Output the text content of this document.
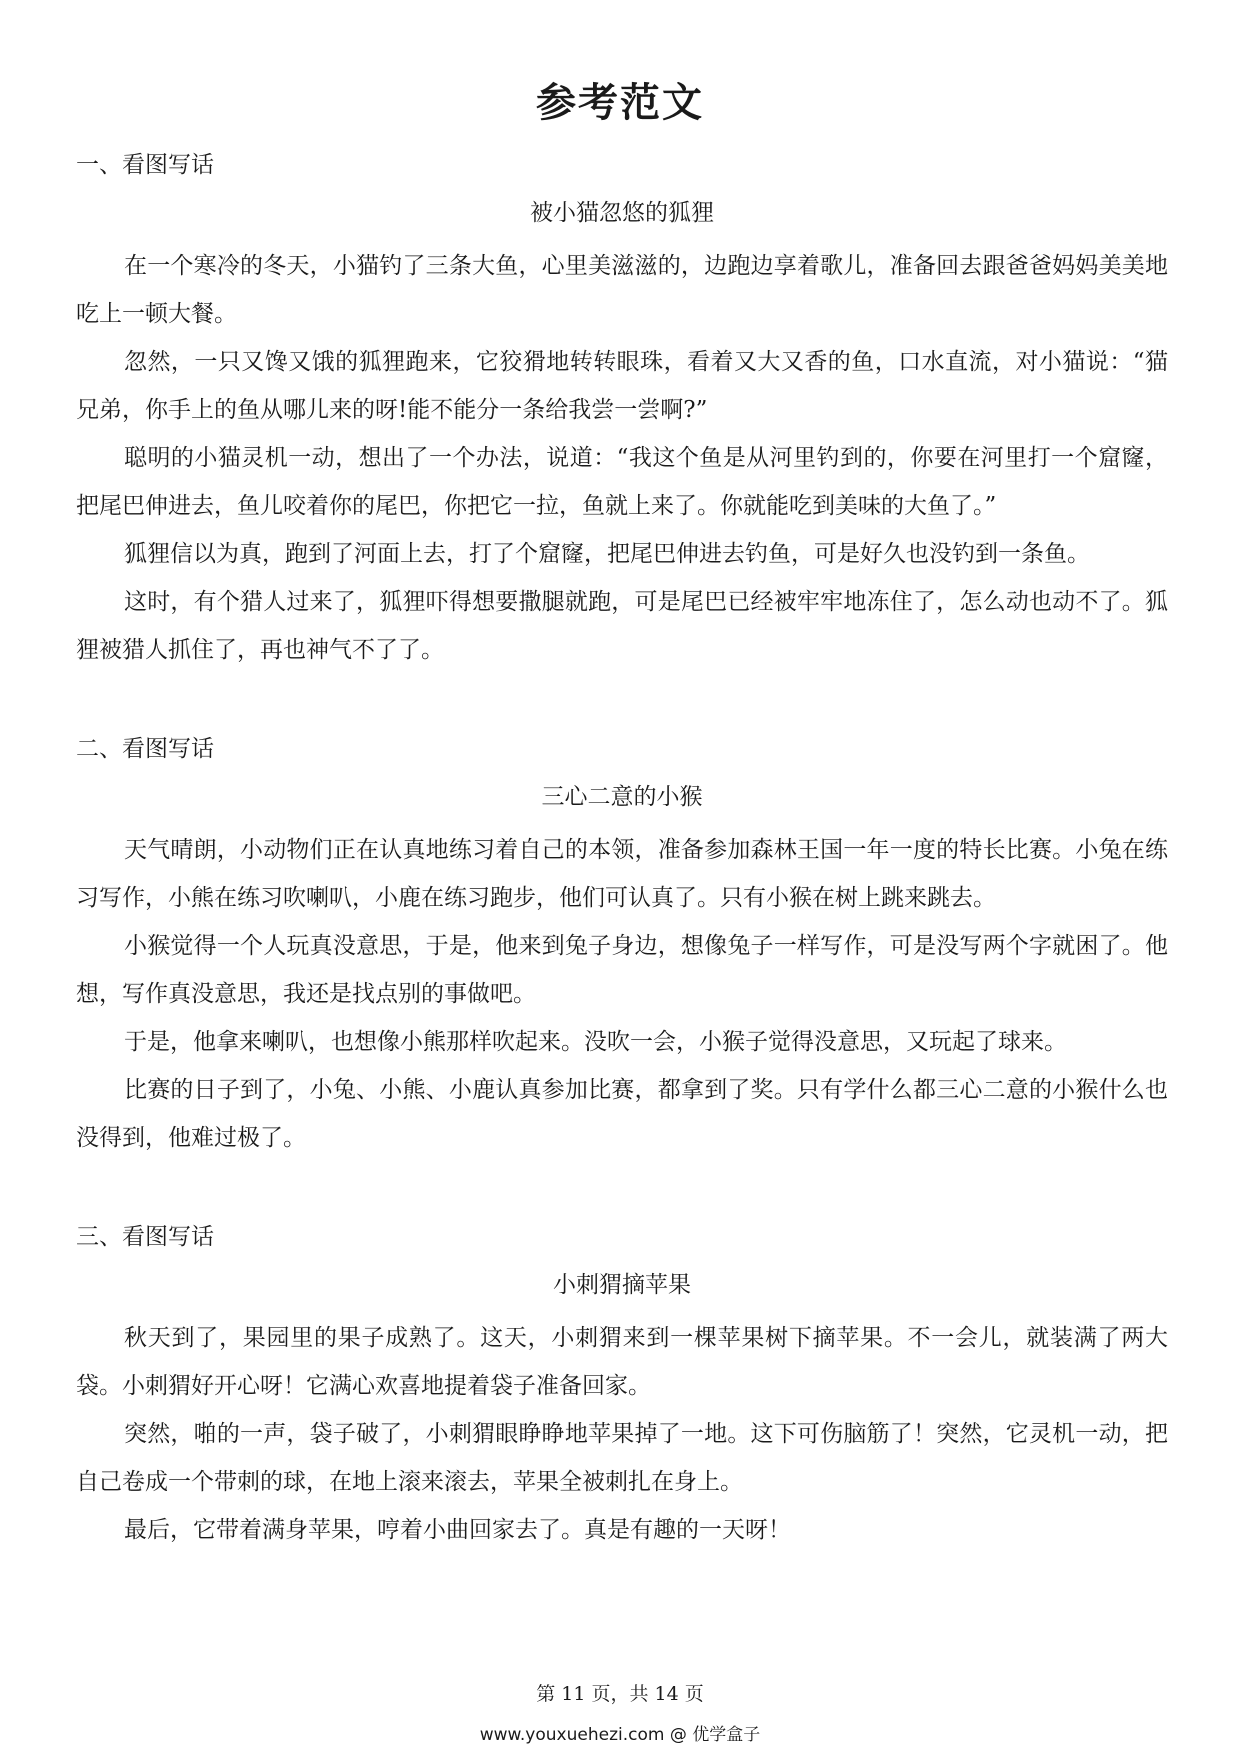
参考范文
一、看图写话
被小猫忽悠的狐狸

在一个寒冷的冬天，小猫钓了三条大鱼，心里美滋滋的，边跑边享着歌儿，准备回去跟爸爸妈妈美美地吃上一顿大餐。

忽然，一只又馋又饿的狐狸跑来，它狡猾地转转眼珠，看着又大又香的鱼，口水直流，对小猫说：“猫兄弟，你手上的鱼从哪儿来的呀!能不能分一条给我尝一尝啊?”

聪明的小猫灵机一动，想出了一个办法，说道：“我这个鱼是从河里钓到的，你要在河里打一个窟窿，把尾巴伸进去，鱼儿咬着你的尾巴，你把它一拉，鱼就上来了。你就能吃到美味的大鱼了。”

狐狸信以为真，跑到了河面上去，打了个窟窿，把尾巴伸进去钓鱼，可是好久也没钓到一条鱼。

这时，有个猎人过来了，狐狸吓得想要撒腿就跑，可是尾巴已经被牢牢地冻住了，怎么动也动不了。狐狸被猎人抓住了，再也神气不了了。

二、看图写话
三心二意的小猴

天气晴朗，小动物们正在认真地练习着自己的本领，准备参加森林王国一年一度的特长比赛。小兔在练习写作，小熊在练习吹喇叭，小鹿在练习跑步，他们可认真了。只有小猴在树上跳来跳去。

小猴觉得一个人玩真没意思，于是，他来到兔子身边，想像兔子一样写作，可是没写两个字就困了。他想，写作真没意思，我还是找点别的事做吧。

于是，他拿来喇叭，也想像小熊那样吹起来。没吹一会，小猴子觉得没意思，又玩起了球来。

比赛的日子到了，小兔、小熊、小鹿认真参加比赛，都拿到了奖。只有学什么都三心二意的小猴什么也没得到，他难过极了。

三、看图写话
小刺猬摘苹果

秋天到了，果园里的果子成熟了。这天，小刺猬来到一棵苹果树下摘苹果。不一会儿，就装满了两大袋。小刺猬好开心呀！它满心欢喜地提着袋子准备回家。

突然，啪的一声，袋子破了，小刺猬眼睁睁地苹果掉了一地。这下可伤脑筋了！突然，它灵机一动，把自己卷成一个带刺的球，在地上滚来滚去，苹果全被刺扎在身上。

最后，它带着满身苹果，哼着小曲回家去了。真是有趣的一天呀！

第 11 页，共 14 页
www.youxuehezi.com @ 优学盒子
